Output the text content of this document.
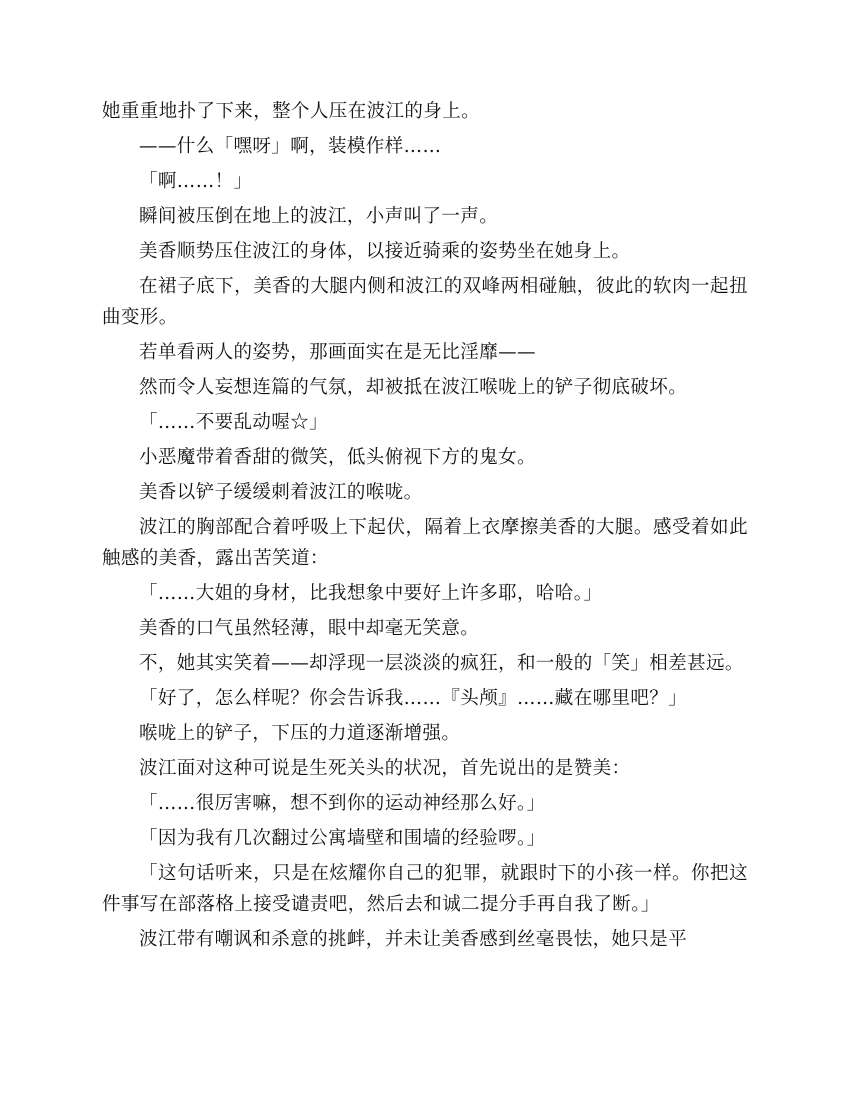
她重重地扑了下来，整个人压在波江的身上。

——什么「嘿呀」啊，装模作样……

「啊……！」

瞬间被压倒在地上的波江，小声叫了一声。

美香顺势压住波江的身体，以接近骑乘的姿势坐在她身上。

在裙子底下，美香的大腿内侧和波江的双峰两相碰触，彼此的软肉一起扭曲变形。

若单看两人的姿势，那画面实在是无比淫靡——

然而令人妄想连篇的气氛，却被抵在波江喉咙上的铲子彻底破坏。

「……不要乱动喔☆」

小恶魔带着香甜的微笑，低头俯视下方的鬼女。

美香以铲子缓缓刺着波江的喉咙。

波江的胸部配合着呼吸上下起伏，隔着上衣摩擦美香的大腿。感受着如此触感的美香，露出苦笑道：

「……大姐的身材，比我想象中要好上许多耶，哈哈。」

美香的口气虽然轻薄，眼中却毫无笑意。

不，她其实笑着——却浮现一层淡淡的疯狂，和一般的「笑」相差甚远。

「好了，怎么样呢？你会告诉我……『头颅』……藏在哪里吧？」

喉咙上的铲子，下压的力道逐渐增强。

波江面对这种可说是生死关头的状况，首先说出的是赞美：

「……很厉害嘛，想不到你的运动神经那么好。」

「因为我有几次翻过公寓墙壁和围墙的经验啰。」

「这句话听来，只是在炫耀你自己的犯罪，就跟时下的小孩一样。你把这件事写在部落格上接受谴责吧，然后去和诚二提分手再自我了断。」

波江带有嘲讽和杀意的挑衅，并未让美香感到丝毫畏怯，她只是平
